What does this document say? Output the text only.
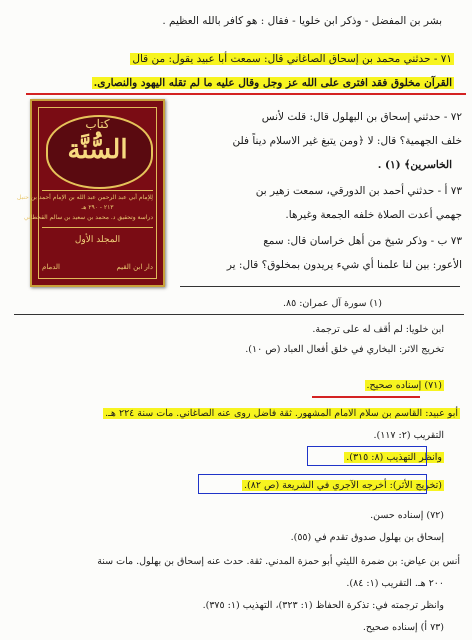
بشر بن المفضل - وذكر ابن خلويا - فقال : هو كافر بالله العظيم .
٧١ - حدثني محمد بن إسحاق الصاغاني قال: سمعت أبا عبيد يقول: من قال
القرآن مخلوق فقد افترى على الله عز وجل وقال عليه ما لم تقله اليهود والنصارى.
٧٢ - حدثني إسحاق بن البهلول قال: قلت لأنس
خلف الجهمية؟ قال: لا ﴿ومن يتبغ غير الاسلام ديناً فلن
الخاسرين﴾ (١) .
٧٣ أ - حدثني أحمد بن الدورقي، سمعت زهير بن
جهمي أعدت الصلاة خلفه الجمعة وغيرها.
٧٣ ب - وذكر شيخ من أهل خراسان قال: سمع
الأعور: بين لنا علمنا أي شيء يريدون بمخلوق؟ قال: ير
كتاب
السُّنَّة
لِلإمام أبي عبد الرحمن عبد الله بن الإمام أحمد بن حنبل
٢١٣ - ٢٩٠ هـ
دراسة وتحقيق د. محمد بن سعيد بن سالم القحطاني
المجلد الأول
دار ابن القيم
الدمام
(١) سورة آل عمران: ٨٥.
ابن خلويا: لم أقف له على ترجمة.
تخريج الاثر: البخاري في خلق أفعال العباد (ص ١٠).
(٧١) إسناده صحيح.
أبو عبيد: القاسم بن سلام الامام المشهور. ثقة فاضل روى عنه الصاغاني. مات سنة ٢٢٤ هـ.
التقريب (٢: ١١٧).
وانظر التهذيب (٨: ٣١٥).
(تخريج الأثر): أخرجه الآجري في الشريعة (ص ٨٢).
(٧٢) إسناده حسن.
إسحاق بن بهلول صدوق تقدم في (٥٥).
أنس بن عياض: بن ضمرة الليثي أبو حمزة المدني. ثقة. حدث عنه إسحاق بن بهلول. مات سنة
٢٠٠ هـ. التقريب (١: ٨٤).
وانظر ترجمته في: تذكرة الحفاظ (١: ٣٢٣)، التهذيب (١: ٣٧٥).
(٧٣ أ) إسناده صحيح.
